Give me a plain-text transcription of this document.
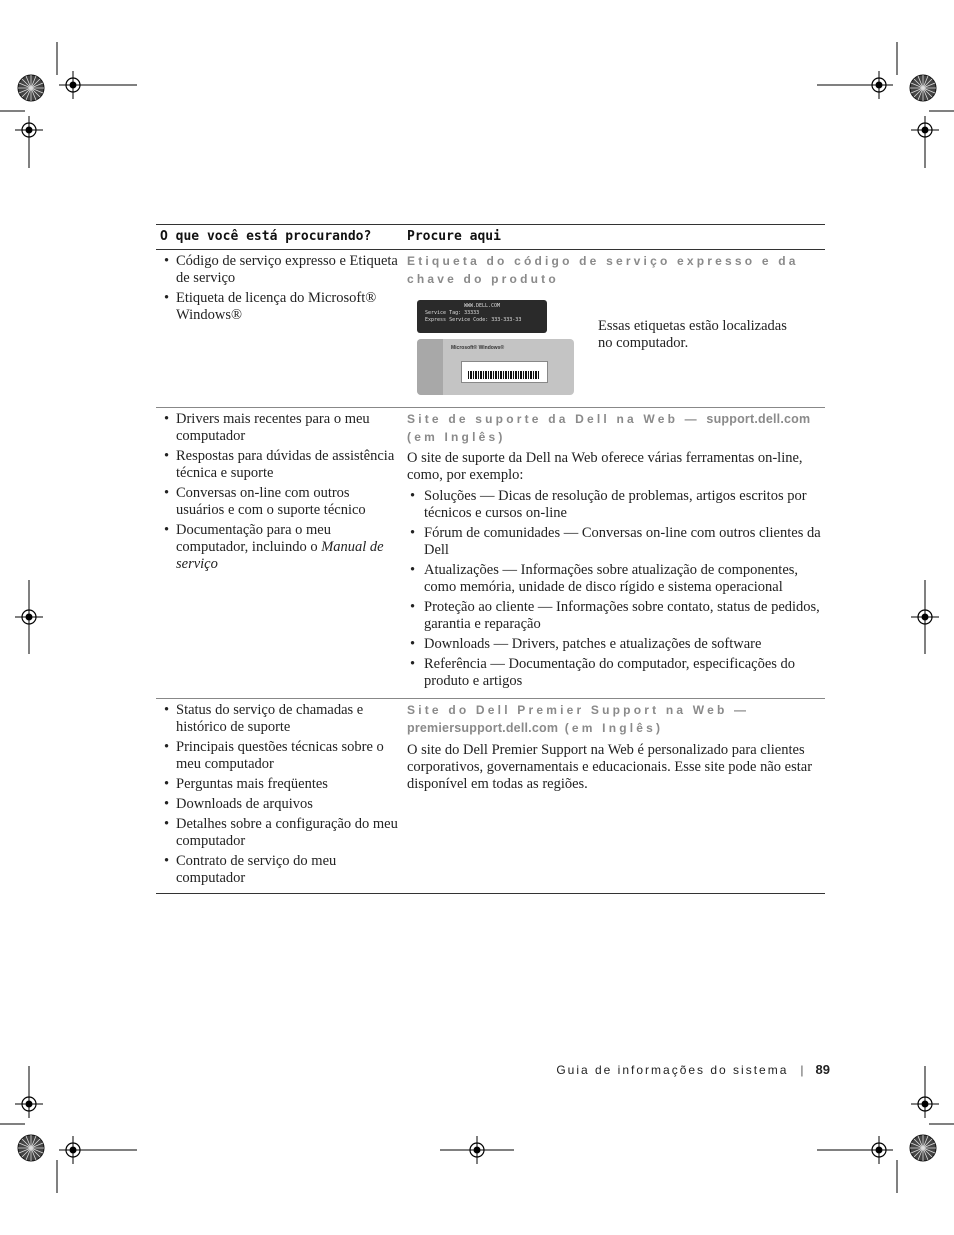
O que você está procurando?	Procure aqui
• Código de serviço expresso e Etiqueta de serviço
• Etiqueta de licença do Microsoft® Windows®
Etiqueta do código de serviço expresso e da chave do produto
WWW.DELL.COM
Service Tag: 33333
Express Service Code: 333-333-33
Microsoft® Windows®
Essas etiquetas estão localizadas no computador.
• Drivers mais recentes para o meu computador
• Respostas para dúvidas de assistência técnica e suporte
• Conversas on-line com outros usuários e com o suporte técnico
• Documentação para o meu computador, incluindo o Manual de serviço
Site de suporte da Dell na Web — support.dell.com (em Inglês)
O site de suporte da Dell na Web oferece várias ferramentas on-line, como, por exemplo:
• Soluções — Dicas de resolução de problemas, artigos escritos por técnicos e cursos on-line
• Fórum de comunidades — Conversas on-line com outros clientes da Dell
• Atualizações — Informações sobre atualização de componentes, como memória, unidade de disco rígido e sistema operacional
• Proteção ao cliente — Informações sobre contato, status de pedidos, garantia e reparação
• Downloads — Drivers, patches e atualizações de software
• Referência — Documentação do computador, especificações do produto e artigos
• Status do serviço de chamadas e histórico de suporte
• Principais questões técnicas sobre o meu computador
• Perguntas mais freqüentes
• Downloads de arquivos
• Detalhes sobre a configuração do meu computador
• Contrato de serviço do meu computador
Site do Dell Premier Support na Web —
premiersupport.dell.com (em Inglês)
O site do Dell Premier Support na Web é personalizado para clientes corporativos, governamentais e educacionais. Esse site pode não estar disponível em todas as regiões.
Guia de informações do sistema | 89
